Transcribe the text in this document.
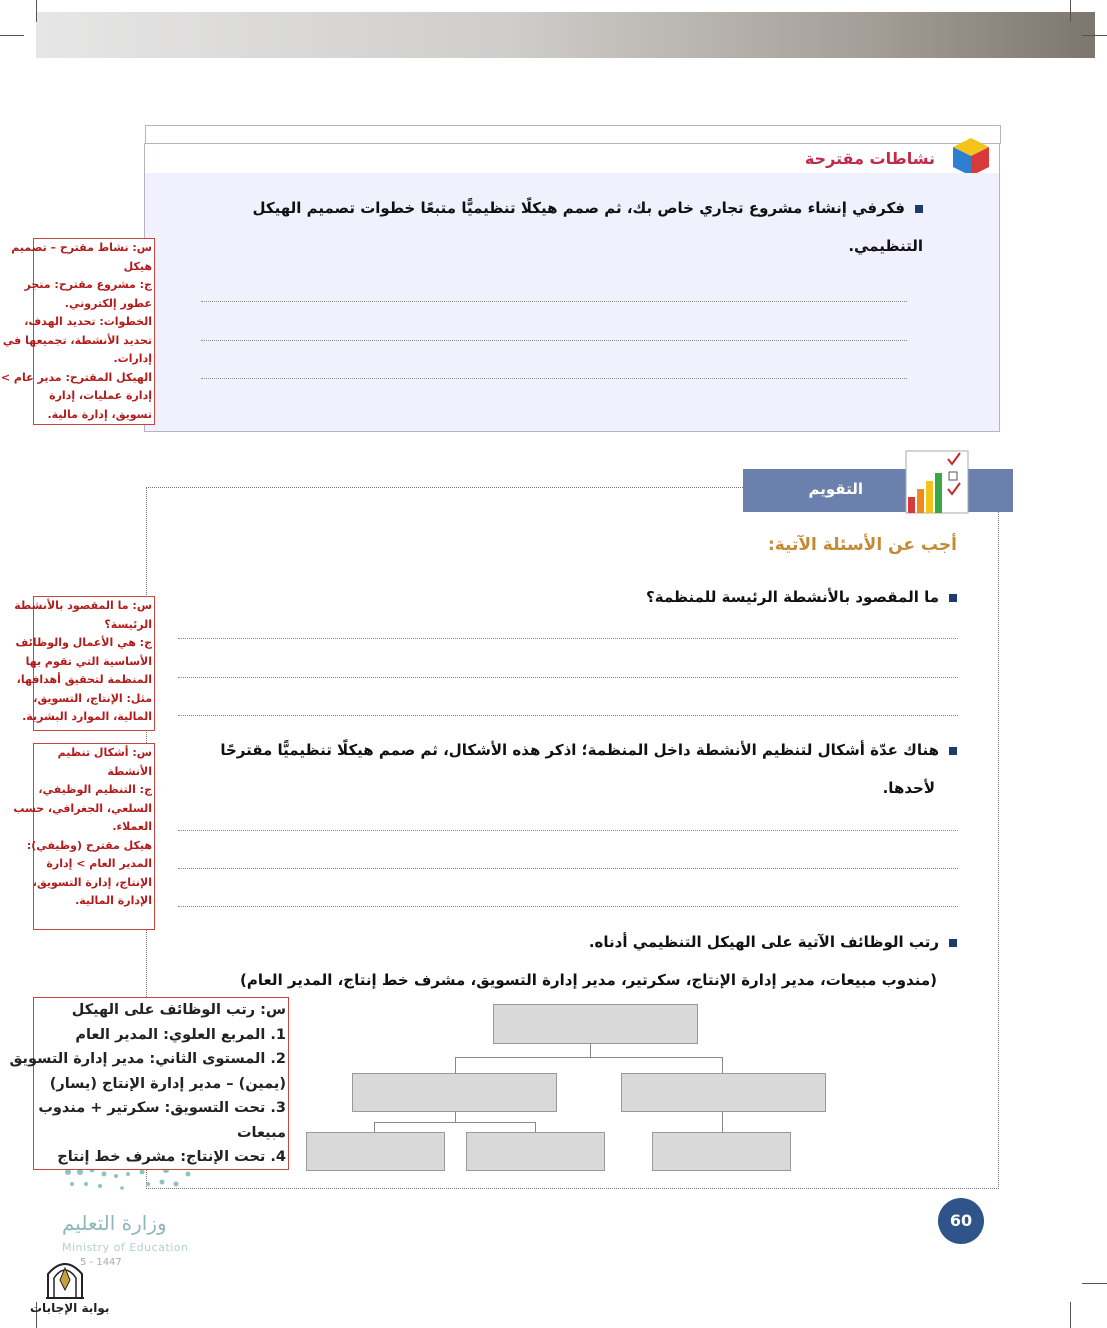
نشاطات مقترحة
فكرفي إنشاء مشروع تجاري خاص بك، ثم صمم هيكلًا تنظيميًّا متبعًا خطوات تصميم الهيكل
التنظيمي.
س: نشاط مقترح – تصميم
هيكل
ج: مشروع مقترح: متجر
عطور إلكتروني.
الخطوات: تحديد الهدف،
تحديد الأنشطة، تجميعها في
إدارات.
الهيكل المقترح: مدير عام >
إدارة عمليات، إدارة
تسويق، إدارة مالية.
التقويم
أجب عن الأسئلة الآتية:
ما المقصود بالأنشطة الرئيسة للمنظمة؟
هناك عدّة أشكال لتنظيم الأنشطة داخل المنظمة؛ اذكر هذه الأشكال، ثم صمم هيكلًا تنظيميًّا مقترحًا
لأحدها.
رتب الوظائف الآتية على الهيكل التنظيمي أدناه.
(مندوب مبيعات، مدير إدارة الإنتاج، سكرتير، مدير إدارة التسويق، مشرف خط إنتاج، المدير العام)
س: ما المقصود بالأنشطة
الرئيسة؟
ج: هي الأعمال والوظائف
الأساسية التي تقوم بها
المنظمة لتحقيق أهدافها،
مثل: الإنتاج، التسويق،
المالية، الموارد البشرية.
س: أشكال تنظيم
الأنشطة
ج: التنظيم الوظيفي،
السلعي، الجغرافي، حسب
العملاء.
هيكل مقترح (وظيفي):
المدير العام > إدارة
الإنتاج، إدارة التسويق،
الإدارة المالية.
س: رتب الوظائف على الهيكل
1. المربع العلوي: المدير العام
2. المستوى الثاني: مدير إدارة التسويق
(يمين) – مدير إدارة الإنتاج (يسار)
3. تحت التسويق: سكرتير + مندوب
مبيعات
4. تحت الإنتاج: مشرف خط إنتاج
وزارة التعليم
Ministry of Education
5 - 1447
بوابة الإجابات
60
